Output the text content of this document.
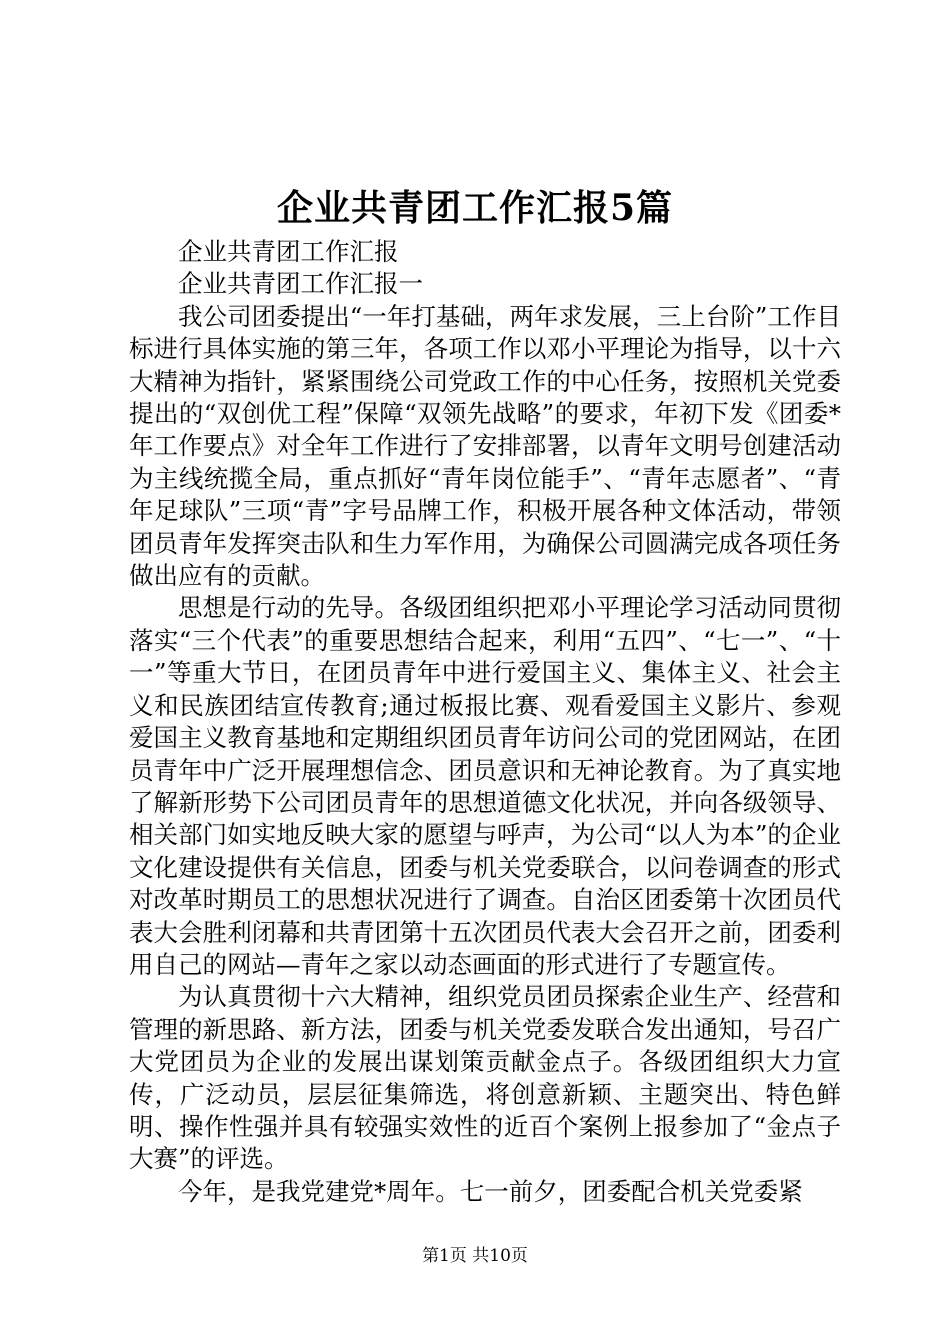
企业共青团工作汇报5篇

企业共青团工作汇报

企业共青团工作汇报一

我公司团委提出“一年打基础，两年求发展，三上台阶”工作目标进行具体实施的第三年，各项工作以邓小平理论为指导，以十六大精神为指针，紧紧围绕公司党政工作的中心任务，按照机关党委提出的“双创优工程”保障“双领先战略”的要求，年初下发《团委*年工作要点》对全年工作进行了安排部署，以青年文明号创建活动为主线统揽全局，重点抓好“青年岗位能手”、“青年志愿者”、“青年足球队”三项“青”字号品牌工作，积极开展各种文体活动，带领团员青年发挥突击队和生力军作用，为确保公司圆满完成各项任务做出应有的贡献。

思想是行动的先导。各级团组织把邓小平理论学习活动同贯彻落实“三个代表”的重要思想结合起来，利用“五四”、“七一”、“十一”等重大节日，在团员青年中进行爱国主义、集体主义、社会主义和民族团结宣传教育;通过板报比赛、观看爱国主义影片、参观爱国主义教育基地和定期组织团员青年访问公司的党团网站，在团员青年中广泛开展理想信念、团员意识和无神论教育。为了真实地了解新形势下公司团员青年的思想道德文化状况，并向各级领导、相关部门如实地反映大家的愿望与呼声，为公司“以人为本”的企业文化建设提供有关信息，团委与机关党委联合，以问卷调查的形式对改革时期员工的思想状况进行了调查。自治区团委第十次团员代表大会胜利闭幕和共青团第十五次团员代表大会召开之前，团委利用自己的网站—青年之家以动态画面的形式进行了专题宣传。

为认真贯彻十六大精神，组织党员团员探索企业生产、经营和管理的新思路、新方法，团委与机关党委发联合发出通知，号召广大党团员为企业的发展出谋划策贡献金点子。各级团组织大力宣传，广泛动员，层层征集筛选，将创意新颖、主题突出、特色鲜明、操作性强并具有较强实效性的近百个案例上报参加了“金点子大赛”的评选。

今年，是我党建党*周年。七一前夕，团委配合机关党委紧

第1页 共10页
